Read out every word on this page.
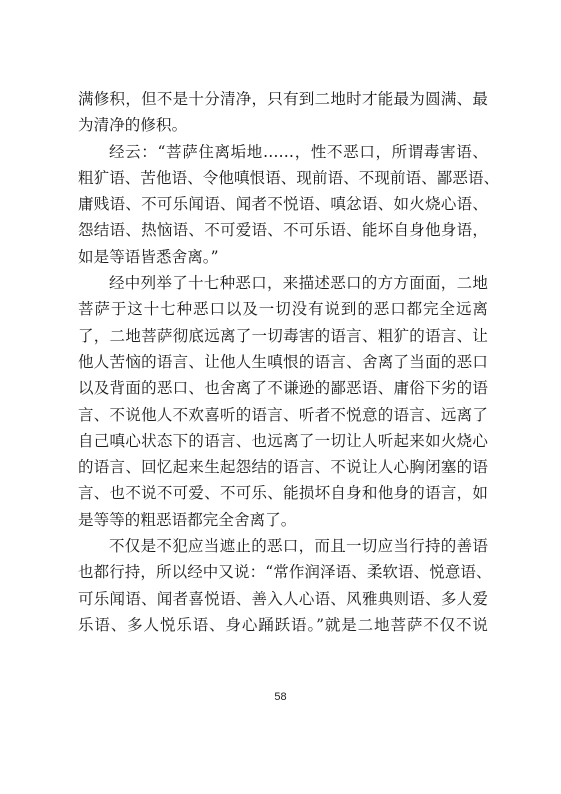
满修积，但不是十分清净，只有到二地时才能最为圆满、最
为清净的修积。
经云：“菩萨住离垢地……，性不恶口，所谓毒害语、
粗犷语、苦他语、令他嗔恨语、现前语、不现前语、鄙恶语、
庸贱语、不可乐闻语、闻者不悦语、嗔忿语、如火烧心语、
怨结语、热恼语、不可爱语、不可乐语、能坏自身他身语，
如是等语皆悉舍离。”
经中列举了十七种恶口，来描述恶口的方方面面，二地
菩萨于这十七种恶口以及一切没有说到的恶口都完全远离
了，二地菩萨彻底远离了一切毒害的语言、粗犷的语言、让
他人苦恼的语言、让他人生嗔恨的语言、舍离了当面的恶口
以及背面的恶口、也舍离了不谦逊的鄙恶语、庸俗下劣的语
言、不说他人不欢喜听的语言、听者不悦意的语言、远离了
自己嗔心状态下的语言、也远离了一切让人听起来如火烧心
的语言、回忆起来生起怨结的语言、不说让人心胸闭塞的语
言、也不说不可爱、不可乐、能损坏自身和他身的语言，如
是等等的粗恶语都完全舍离了。
不仅是不犯应当遮止的恶口，而且一切应当行持的善语
也都行持，所以经中又说：“常作润泽语、柔软语、悦意语、
可乐闻语、闻者喜悦语、善入人心语、风雅典则语、多人爱
乐语、多人悦乐语、身心踊跃语。”就是二地菩萨不仅不说
58
